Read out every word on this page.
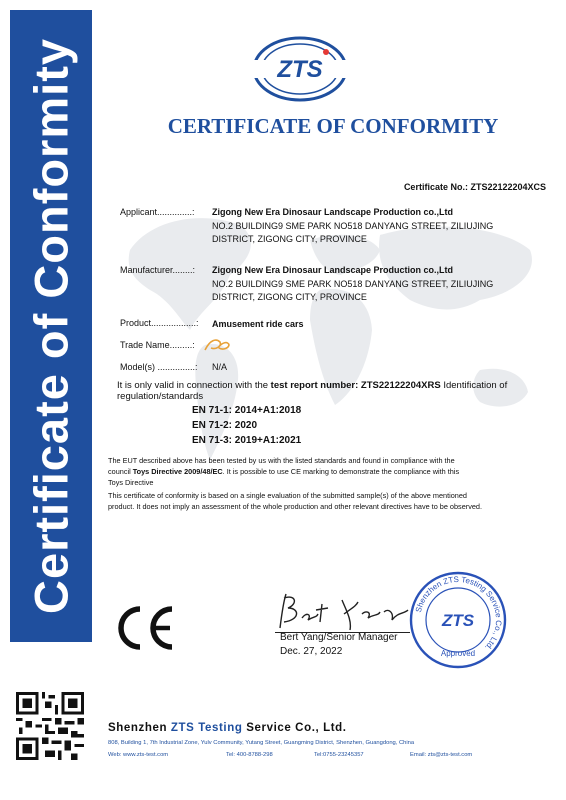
Certificate of Conformity	ZTS
CERTIFICATE OF CONFORMITY
Certificate No.: ZTS22122204XCS
Applicant..............: Zigong New Era Dinosaur Landscape Production co.,Ltd
NO.2 BUILDING9 SME PARK NO518 DANYANG STREET, ZILIUJING
DISTRICT, ZIGONG CITY, PROVINCE
Manufacturer........: Zigong New Era Dinosaur Landscape Production co.,Ltd
NO.2 BUILDING9 SME PARK NO518 DANYANG STREET, ZILIUJING
DISTRICT, ZIGONG CITY, PROVINCE
Product..................: Amusement ride cars
Trade Name.........:
Model(s) ...............: N/A
It is only valid in connection with the test report number: ZTS22122204XRS Identification of regulation/standards
EN 71-1: 2014+A1:2018
EN 71-2: 2020
EN 71-3: 2019+A1:2021
The EUT described above has been tested by us with the listed standards and found in compliance with the
council Toys Directive 2009/48/EC. It is possible to use CE marking to demonstrate the compliance with this
Toys Directive
This certificate of conformity is based on a single evaluation of the submitted sample(s) of the above mentioned
product. It does not imply an assessment of the whole production and other relevant directives have to be observed.
CE
Bert Yang/Senior Manager
Dec. 27, 2022
Shenzhen ZTS Testing Service Co., Ltd.
ZTS
Approved
Shenzhen ZTS Testing Service Co., Ltd.
808, Building 1, 7th Industrial Zone, Yulv Community, Yutang Street, Guangming District, Shenzhen, Guangdong, China
Web: www.zts-test.com	Tel: 400-8788-298	Tel:0755-23245357	Email: zts@zts-test.com
